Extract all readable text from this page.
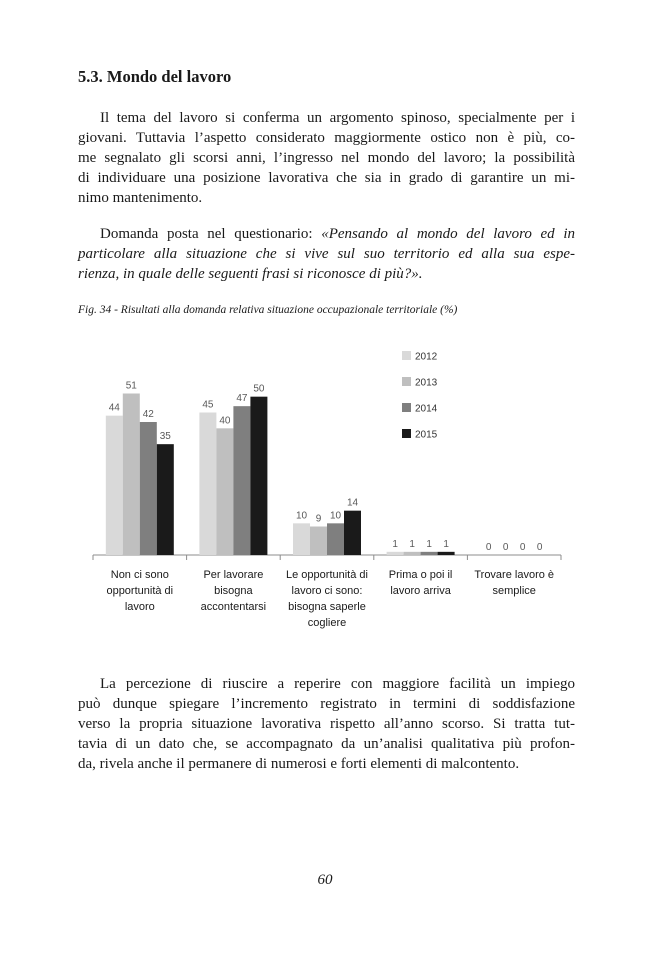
5.3. Mondo del lavoro
Il tema del lavoro si conferma un argomento spinoso, specialmente per i
giovani. Tuttavia l’aspetto considerato maggiormente ostico non è più, co-
me segnalato gli scorsi anni, l’ingresso nel mondo del lavoro; la possibilità
di individuare una posizione lavorativa che sia in grado di garantire un mi-
nimo mantenimento.
Domanda posta nel questionario: «Pensando al mondo del lavoro ed in
particolare alla situazione che si vive sul suo territorio ed alla sua espe-
rienza, in quale delle seguenti frasi si riconosce di più?».

Fig. 34 - Risultati alla domanda relativa situazione occupazionale territoriale (%)

44
51
42
35
Non ci sono
opportunità di
lavoro
45
40
47
50
Per lavorare
bisogna
accontentarsi
10 9 10
14
Le opportunità di
lavoro ci sono:
bisogna saperle
cogliere
1 1 1 1
Prima o poi il
lavoro arriva
0 0 0 0
Trovare lavoro è
semplice
2012
2013
2014
2015
La percezione di riuscire a reperire con maggiore facilità un impiego
può dunque spiegare l’incremento registrato in termini di soddisfazione
verso la propria situazione lavorativa rispetto all’anno scorso. Si tratta tut-
tavia di un dato che, se accompagnato da un’analisi qualitativa più profon-
da, rivela anche il permanere di numerosi e forti elementi di malcontento.
60
